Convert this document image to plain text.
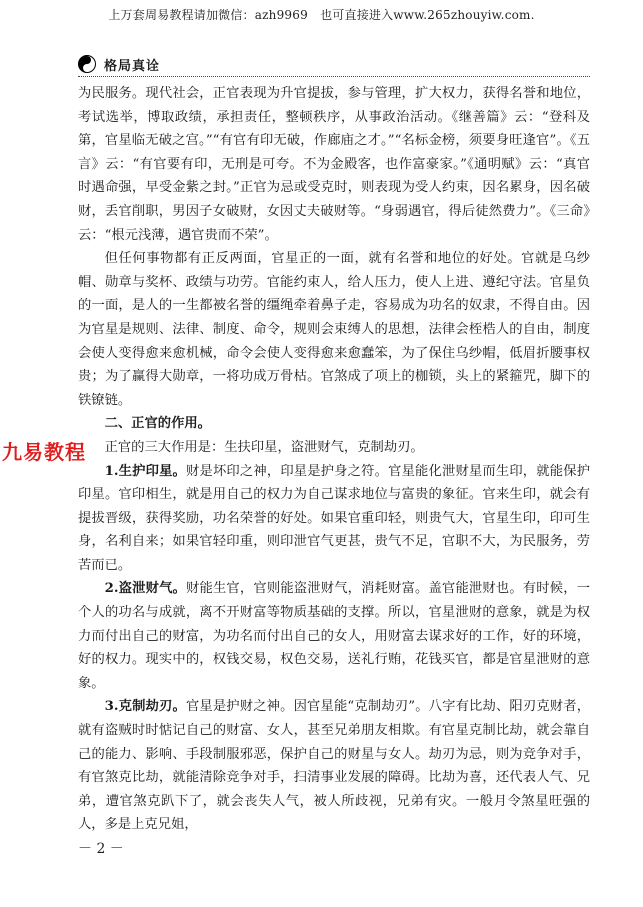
上万套周易教程请加微信：azh9969　也可直接进入www.265zhouyiw.com.
格局真诠

为民服务。现代社会，正官表现为升官提拔，参与管理，扩大权力，获得名誉和地位，考试选举，博取政绩，承担责任，整顿秩序，从事政治活动。《继善篇》云：“登科及第，官星临无破之宫。”“有官有印无破，作廊庙之才。”“名标金榜，须要身旺逢官”。《五言》云：“有官要有印，无刑是可夸。不为金殿客，也作富豪家。”《通明赋》云：“真官时遇命强，早受金紫之封。”正官为忌或受克时，则表现为受人约束，因名累身，因名破财，丢官削职，男因子女破财，女因丈夫破财等。“身弱遇官，得后徒然费力”。《三命》云：“根元浅薄，遇官贵而不荣”。

但任何事物都有正反两面，官星正的一面，就有名誉和地位的好处。官就是乌纱帽、勋章与奖杯、政绩与功劳。官能约束人，给人压力，使人上进、遵纪守法。官星负的一面，是人的一生都被名誉的缰绳牵着鼻子走，容易成为功名的奴隶，不得自由。因为官星是规则、法律、制度、命令，规则会束缚人的思想，法律会桎梏人的自由，制度会使人变得愈来愈机械，命令会使人变得愈来愈蠢笨，为了保住乌纱帽，低眉折腰事权贵；为了赢得大勋章，一将功成万骨枯。官煞成了项上的枷锁，头上的紧箍咒，脚下的铁镣链。

二、正官的作用。

正官的三大作用是：生扶印星，盗泄财气，克制劫刃。

1.生护印星。财是坏印之神，印星是护身之符。官星能化泄财星而生印，就能保护印星。官印相生，就是用自己的权力为自己谋求地位与富贵的象征。官来生印，就会有提拔晋级，获得奖励，功名荣誉的好处。如果官重印轻，则贵气大，官星生印，印可生身，名利自来；如果官轻印重，则印泄官气更甚，贵气不足，官职不大，为民服务，劳苦而已。

2.盗泄财气。财能生官，官则能盗泄财气，消耗财富。盖官能泄财也。有时候，一个人的功名与成就，离不开财富等物质基础的支撑。所以，官星泄财的意象，就是为权力而付出自己的财富，为功名而付出自己的女人，用财富去谋求好的工作，好的环境，好的权力。现实中的，权钱交易，权色交易，送礼行贿，花钱买官，都是官星泄财的意象。

3.克制劫刃。官星是护财之神。因官星能“克制劫刃”。八字有比劫、阳刃克财者，就有盗贼时时惦记自己的财富、女人，甚至兄弟朋友相欺。有官星克制比劫，就会靠自己的能力、影响、手段制服邪恶，保护自己的财星与女人。劫刃为忌，则为竞争对手，有官煞克比劫，就能清除竞争对手，扫清事业发展的障碍。比劫为喜，还代表人气、兄弟，遭官煞克趴下了，就会丧失人气，被人所歧视，兄弟有灾。一般月令煞星旺强的人，多是上克兄姐，

九易教程
－ 2 －
